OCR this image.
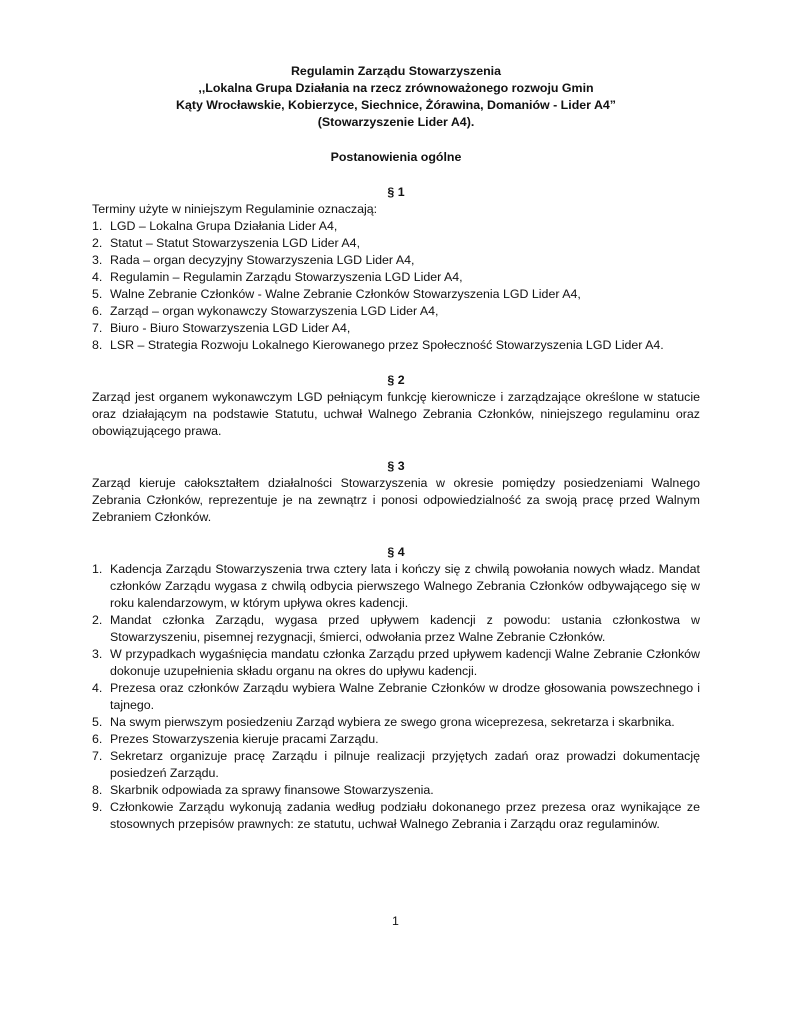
Regulamin Zarządu Stowarzyszenia
,,Lokalna Grupa Działania na rzecz zrównoważonego rozwoju Gmin
Kąty Wrocławskie, Kobierzyce, Siechnice, Żórawina, Domaniów - Lider A4”
(Stowarzyszenie Lider A4).
Postanowienia ogólne
§ 1
Terminy użyte w niniejszym Regulaminie oznaczają:
1. LGD – Lokalna Grupa Działania Lider A4,
2. Statut – Statut Stowarzyszenia LGD Lider A4,
3. Rada – organ decyzyjny Stowarzyszenia LGD Lider A4,
4. Regulamin – Regulamin Zarządu Stowarzyszenia LGD Lider A4,
5. Walne Zebranie Członków - Walne Zebranie Członków Stowarzyszenia LGD Lider A4,
6. Zarząd – organ wykonawczy Stowarzyszenia LGD Lider A4,
7. Biuro - Biuro Stowarzyszenia LGD Lider A4,
8. LSR – Strategia Rozwoju Lokalnego Kierowanego przez Społeczność Stowarzyszenia LGD Lider A4.
§ 2
Zarząd jest organem wykonawczym LGD pełniącym funkcję kierownicze i zarządzające określone w statucie oraz działającym na podstawie Statutu, uchwał Walnego Zebrania Członków, niniejszego regulaminu oraz obowiązującego prawa.
§ 3
Zarząd kieruje całokształtem działalności Stowarzyszenia w okresie pomiędzy posiedzeniami Walnego Zebrania Członków, reprezentuje je na zewnątrz i ponosi odpowiedzialność za swoją pracę przed Walnym Zebraniem Członków.
§ 4
1. Kadencja Zarządu Stowarzyszenia trwa cztery lata i kończy się z chwilą powołania nowych władz. Mandat członków Zarządu wygasa z chwilą odbycia pierwszego Walnego Zebrania Członków odbywającego się w roku kalendarzowym, w którym upływa okres kadencji.
2. Mandat członka Zarządu, wygasa przed upływem kadencji z powodu: ustania członkostwa w Stowarzyszeniu, pisemnej rezygnacji, śmierci, odwołania przez Walne Zebranie Członków.
3. W przypadkach wygaśnięcia mandatu członka Zarządu przed upływem kadencji Walne Zebranie Członków dokonuje uzupełnienia składu organu na okres do upływu kadencji.
4. Prezesa oraz członków Zarządu wybiera Walne Zebranie Członków w drodze głosowania powszechnego i tajnego.
5. Na swym pierwszym posiedzeniu Zarząd wybiera ze swego grona wiceprezesa, sekretarza i skarbnika.
6. Prezes Stowarzyszenia kieruje pracami Zarządu.
7. Sekretarz organizuje pracę Zarządu i pilnuje realizacji przyjętych zadań oraz prowadzi dokumentację posiedzeń Zarządu.
8. Skarbnik odpowiada za sprawy finansowe Stowarzyszenia.
9. Członkowie Zarządu wykonują zadania według podziału dokonanego przez prezesa oraz wynikające ze stosownych przepisów prawnych: ze statutu, uchwał Walnego Zebrania i Zarządu oraz regulaminów.
1
